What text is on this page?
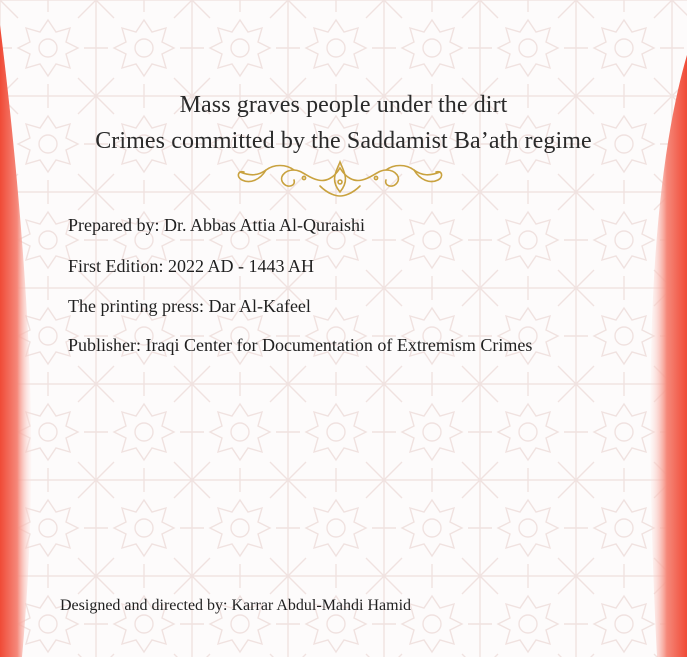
Mass graves people under the dirt
Crimes committed by the Saddamist Ba’ath regime
Prepared by: Dr. Abbas Attia Al-Quraishi
First Edition: 2022 AD - 1443 AH
The printing press: Dar Al-Kafeel
Publisher: Iraqi Center for Documentation of Extremism Crimes
Designed and directed by: Karrar Abdul-Mahdi Hamid
